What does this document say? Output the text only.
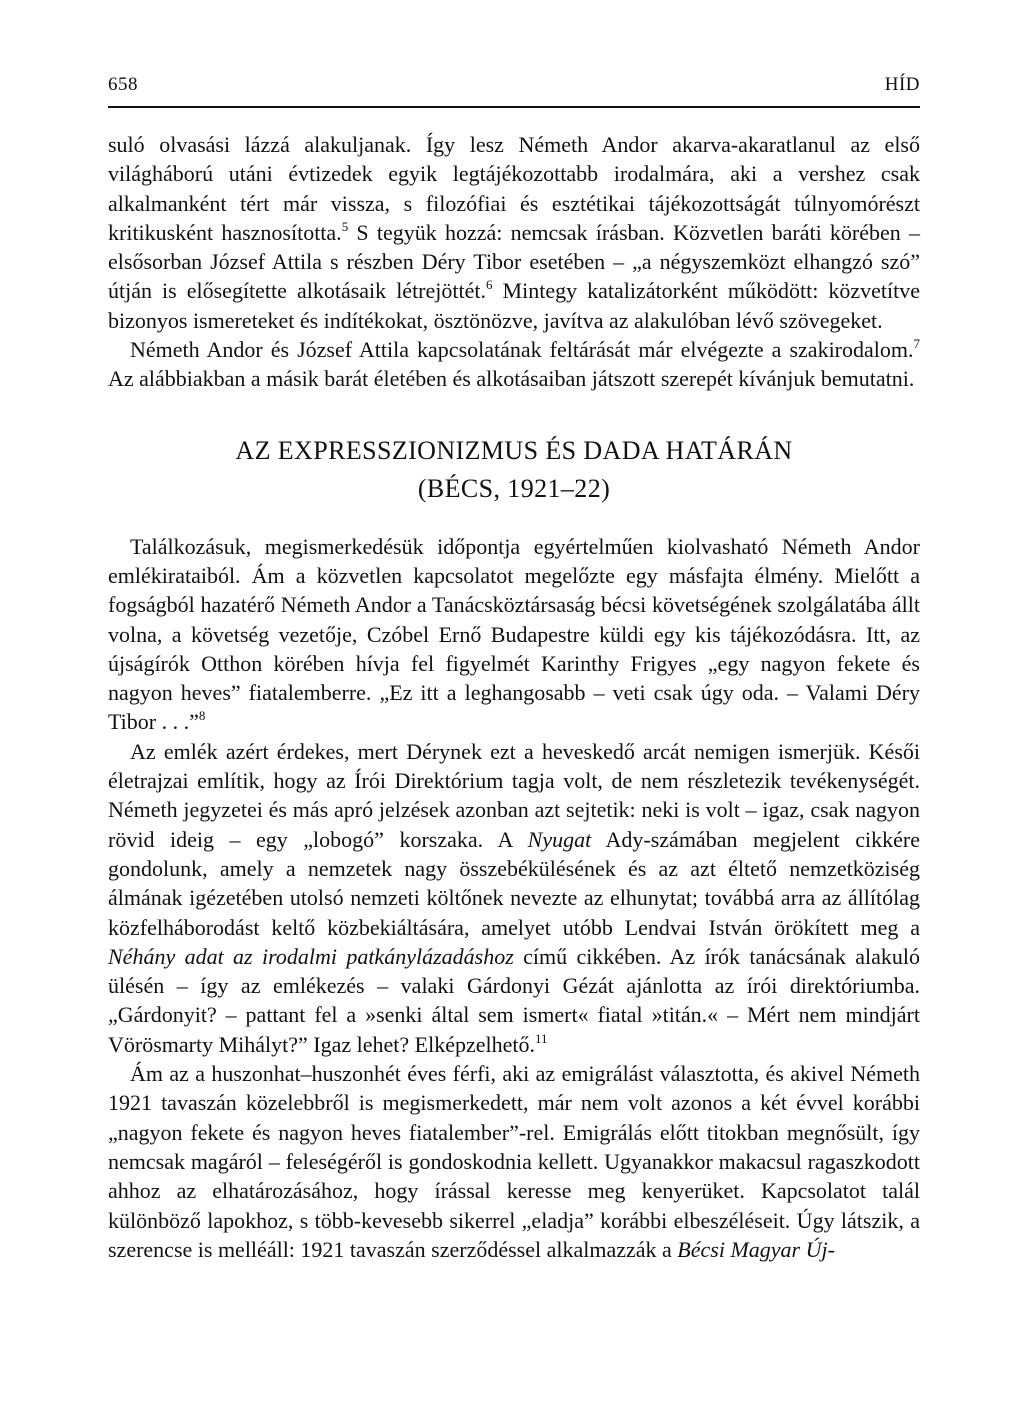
658	HÍD

suló olvasási lázzá alakuljanak. Így lesz Németh Andor akarva-akaratlanul az első világháború utáni évtizedek egyik legtájékozottabb irodalmára, aki a vershez csak alkalmanként tért már vissza, s filozófiai és esztétikai tájékozottságát túlnyomórészt kritikusként hasznosította.$^5$ S tegyük hozzá: nemcsak írásban. Közvetlen baráti körében – elsősorban József Attila s részben Déry Tibor esetében – „a négyszemközt elhangzó szó” útján is elősegítette alkotásaik létrejöttét.$^6$ Mintegy katalizátorként működött: közvetítve bizonyos ismereteket és indítékokat, ösztönözve, javítva az alakulóban lévő szövegeket.

Németh Andor és József Attila kapcsolatának feltárását már elvégezte a szakirodalom.$^7$ Az alábbiakban a másik barát életében és alkotásaiban játszott szerepét kívánjuk bemutatni.

AZ EXPRESSZIONIZMUS ÉS DADA HATÁRÁN
(BÉCS, 1921–22)

Találkozásuk, megismerkedésük időpontja egyértelműen kiolvasható Németh Andor emlékirataiból. Ám a közvetlen kapcsolatot megelőzte egy másfajta élmény. Mielőtt a fogságból hazatérő Németh Andor a Tanácsköztársaság bécsi követségének szolgálatába állt volna, a követség vezetője, Czóbel Ernő Budapestre küldi egy kis tájékozódásra. Itt, az újságírók Otthon körében hívja fel figyelmét Karinthy Frigyes „egy nagyon fekete és nagyon heves” fiatalemberre. „Ez itt a leghangosabb – veti csak úgy oda. – Valami Déry Tibor . . .”$^8$

Az emlék azért érdekes, mert Dérynek ezt a heveskedő arcát nemigen ismerjük. Késői életrajzai említik, hogy az Írói Direktórium tagja volt, de nem részletezik tevékenységét. Németh jegyzetei és más apró jelzések azonban azt sejtetik: neki is volt – igaz, csak nagyon rövid ideig – egy „lobogó” korszaka. A Nyugat Ady-számában megjelent cikkére gondolunk, amely a nemzetek nagy összebékülésének és az azt éltető nemzetköziség álmának igézetében utolsó nemzeti költőnek nevezte az elhunytat; továbbá arra az állítólag közfelháborodást keltő közbekiáltására, amelyet utóbb Lendvai István örökített meg a Néhány adat az irodalmi patkánylázadáshoz című cikkében. Az írók tanácsának alakuló ülésén – így az emlékezés – valaki Gárdonyi Gézát ajánlotta az írói direktóriumba. „Gárdonyit? – pattant fel a »senki által sem ismert« fiatal »titán.« – Mért nem mindjárt Vörösmarty Mihályt?” Igaz lehet? Elképzelhető.$^{11}$

Ám az a huszonhat–huszonhét éves férfi, aki az emigrálást választotta, és akivel Németh 1921 tavaszán közelebbről is megismerkedett, már nem volt azonos a két évvel korábbi „nagyon fekete és nagyon heves fiatalember”-rel. Emigrálás előtt titokban megnősült, így nemcsak magáról – feleségéről is gondoskodnia kellett. Ugyanakkor makacsul ragaszkodott ahhoz az elhatározásához, hogy írással keresse meg kenyerüket. Kapcsolatot talál különböző lapokhoz, s több-kevesebb sikerrel „eladja” korábbi elbeszéléseit. Úgy látszik, a szerencse is melléáll: 1921 tavaszán szerződéssel alkalmazzák a Bécsi Magyar Új-
